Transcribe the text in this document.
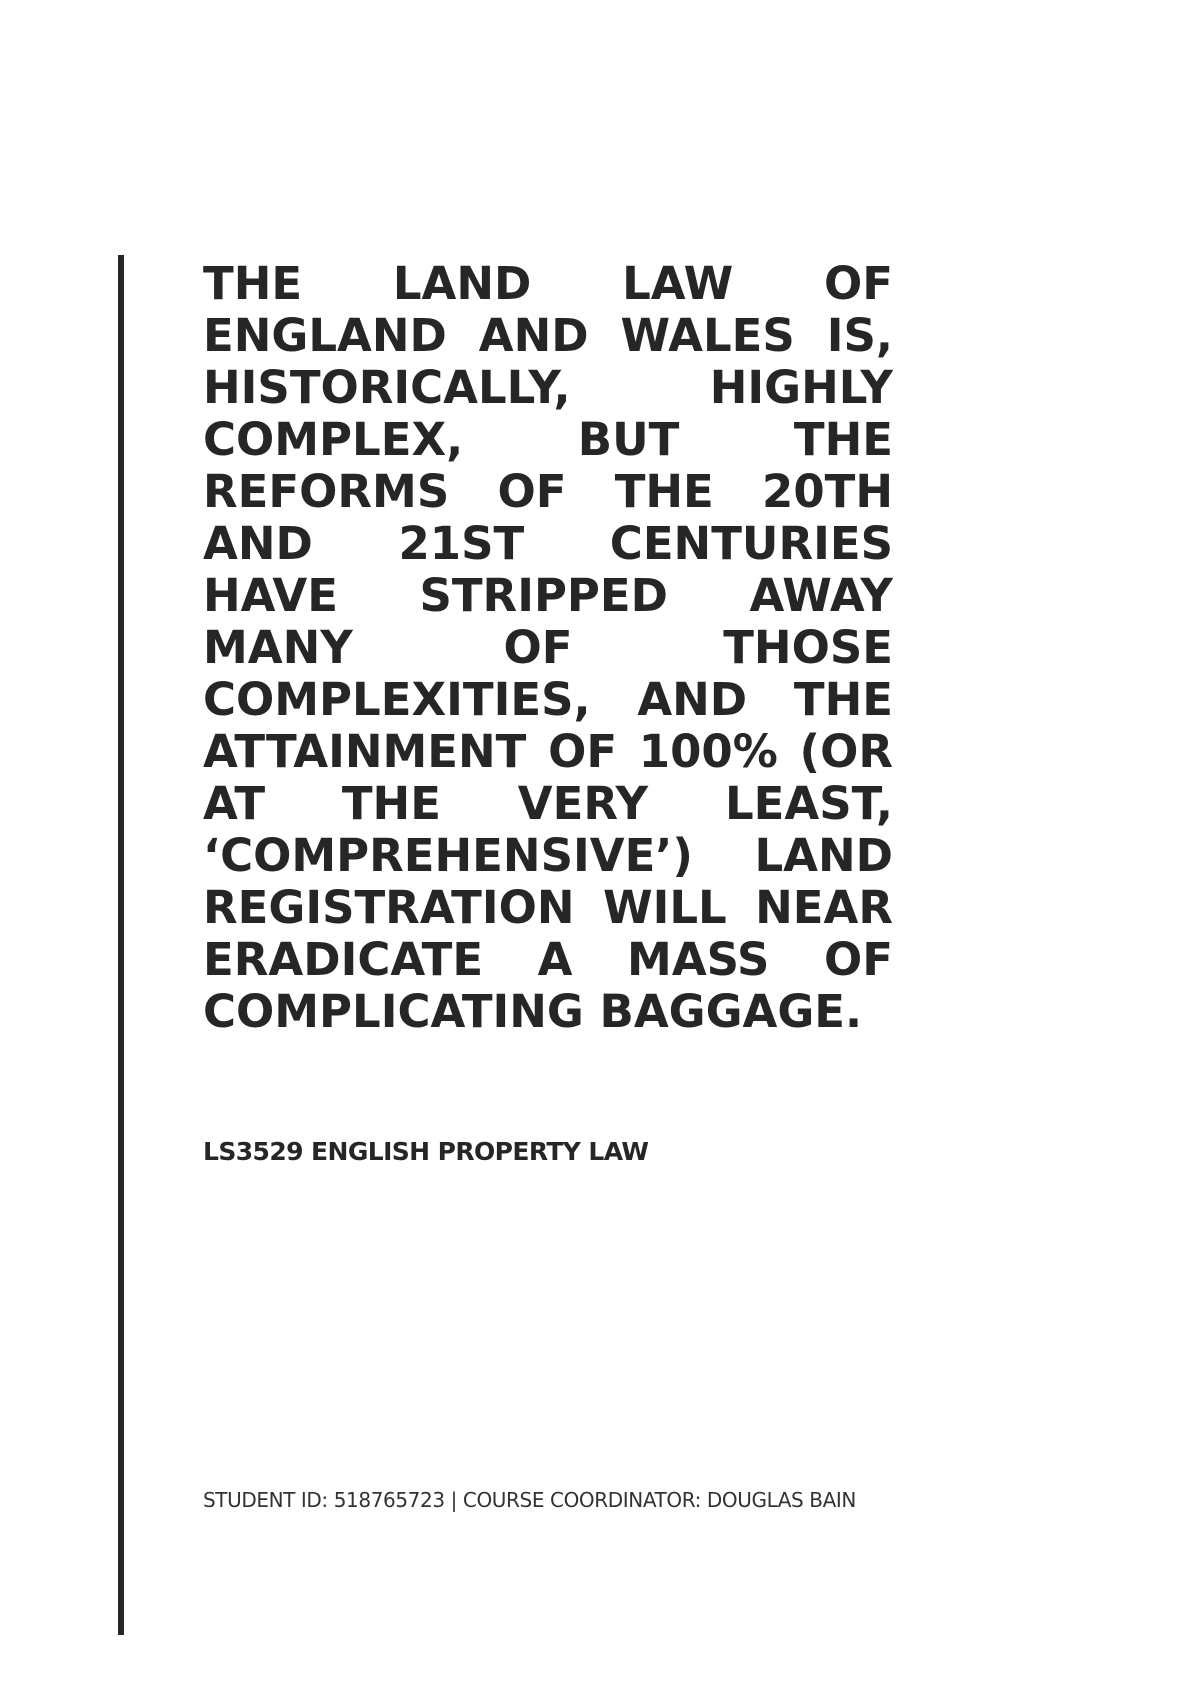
THE LAND LAW OF ENGLAND AND WALES IS, HISTORICALLY, HIGHLY COMPLEX, BUT THE REFORMS OF THE 20TH AND 21ST CENTURIES HAVE STRIPPED AWAY MANY OF THOSE COMPLEXITIES, AND THE ATTAINMENT OF 100% (OR AT THE VERY LEAST, ‘COMPREHENSIVE’) LAND REGISTRATION WILL NEAR ERADICATE A MASS OF COMPLICATING BAGGAGE.

LS3529 ENGLISH PROPERTY LAW

STUDENT ID: 518765723 | COURSE COORDINATOR: DOUGLAS BAIN
